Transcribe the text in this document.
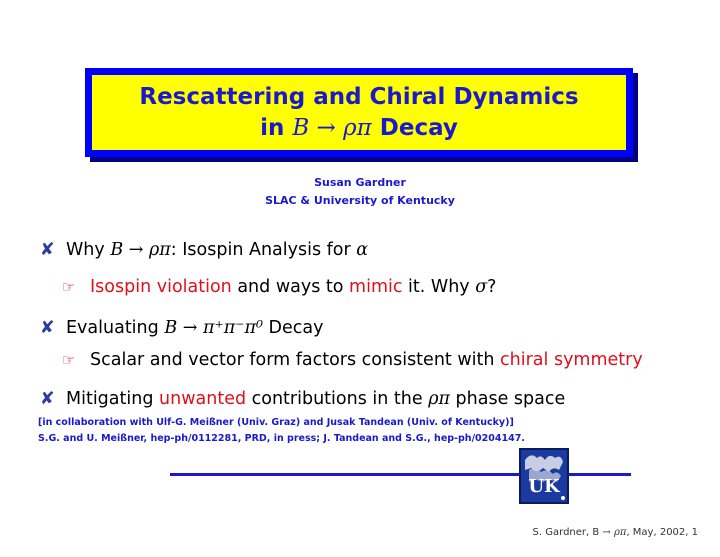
Rescattering and Chiral Dynamics
in B → ρπ Decay
Susan Gardner
SLAC & University of Kentucky
✘ Why B → ρπ: Isospin Analysis for α
☞ Isospin violation and ways to mimic it. Why σ?
✘ Evaluating B → π⁺π⁻π⁰ Decay
☞ Scalar and vector form factors consistent with chiral symmetry
✘ Mitigating unwanted contributions in the ρπ phase space
[in collaboration with Ulf-G. Meißner (Univ. Graz) and Jusak Tandean (Univ. of Kentucky)]
S.G. and U. Meißner, hep-ph/0112281, PRD, in press; J. Tandean and S.G., hep-ph/0204147.
UK
S. Gardner, B → ρπ, May, 2002, 1
